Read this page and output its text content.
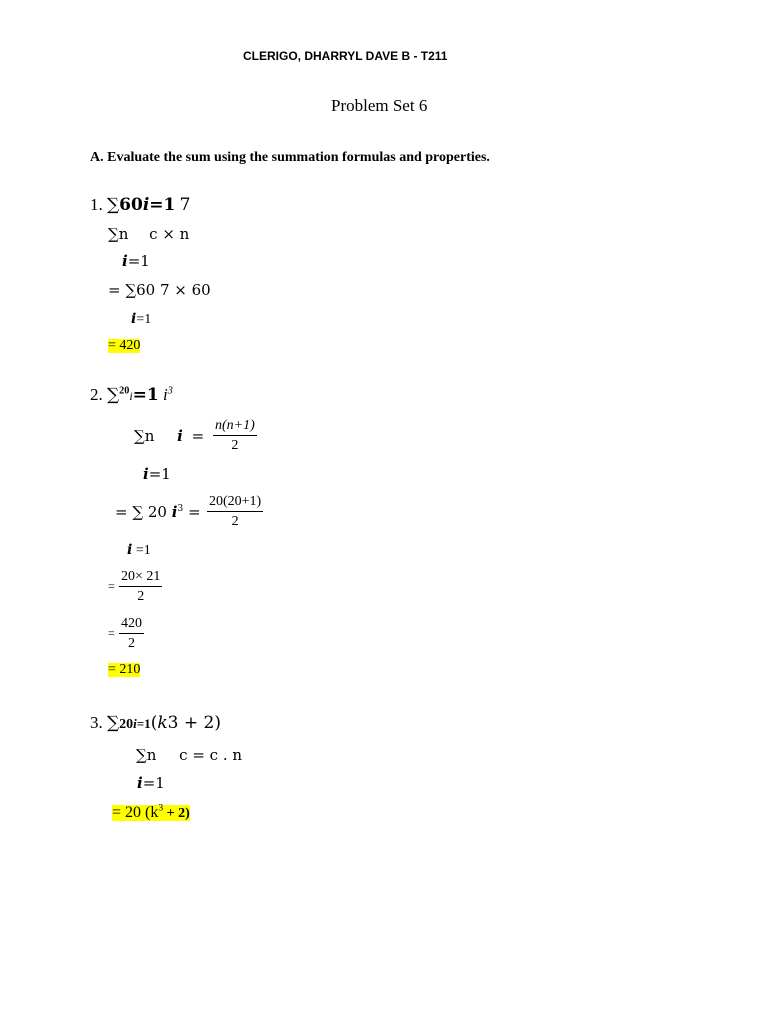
CLERIGO, DHARRYL DAVE B - T211
Problem Set 6
A. Evaluate the sum using the summation formulas and properties.
1. ∑60i=1 7
∑n c × n
i=1
= ∑60 7 × 60
i=1
= 420
2. ∑$^{20}$i=1 $i^3$
∑n $i = \frac{n(n+1)}{2}$
i=1
= ∑ 20 $i^3 = \frac{20(20+1)}{2}$
i =1
= $\frac{20\times 21}{2}$
= $\frac{420}{2}$
= 210
3. ∑20i=1(k3 + 2)
∑n c = c . n
i=1
= 20 $(k^3 + 2)$
